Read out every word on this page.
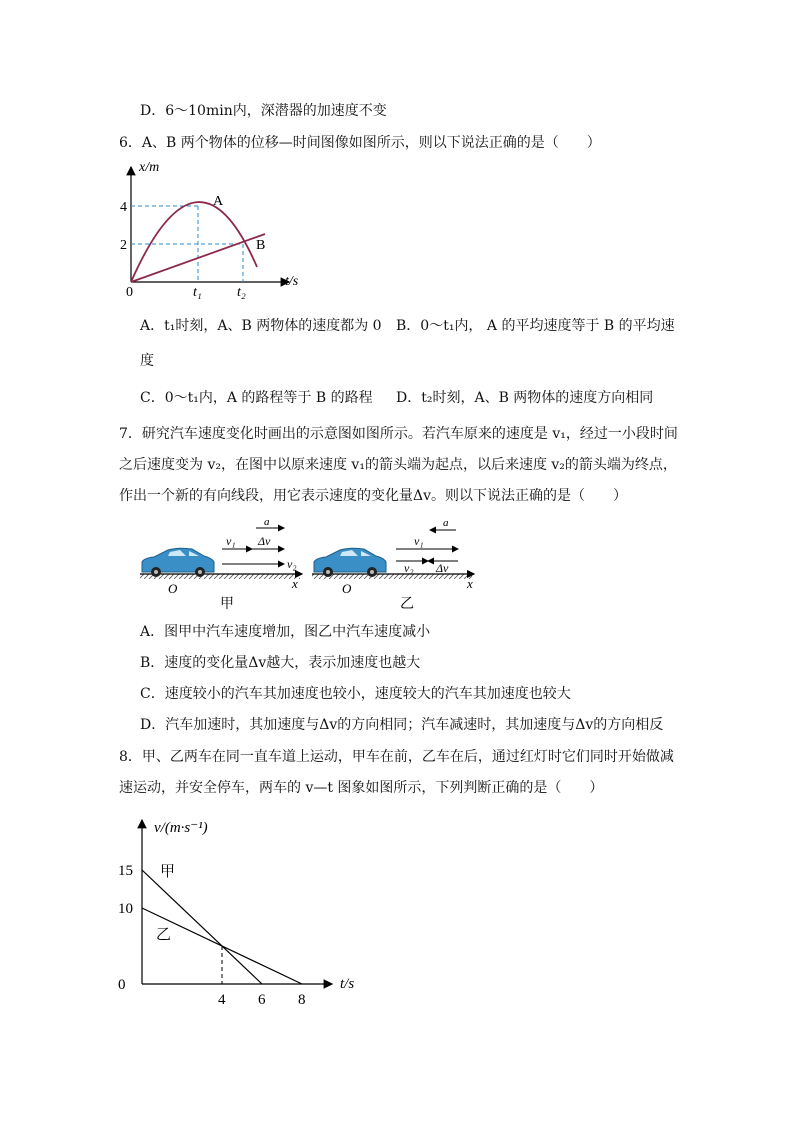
D．6～10min内，深潜器的加速度不变
6．A、B 两个物体的位移—时间图像如图所示，则以下说法正确的是（　　）
x/m
t/s
0
4
2
t₁	t₂
A
B
A．t₁时刻，A、B 两物体的速度都为 0 B．0～t₁内， A 的平均速度等于 B 的平均速
度
C．0～t₁内，A 的路程等于 B 的路程 D．t₂时刻，A、B 两物体的速度方向相同
7．研究汽车速度变化时画出的示意图如图所示。若汽车原来的速度是 v₁，经过一小段时间
之后速度变为 v₂，在图中以原来速度 v₁的箭头端为起点，以后来速度 v₂的箭头端为终点，
作出一个新的有向线段，用它表示速度的变化量Δv。则以下说法正确的是（　　）
v₁
a
Δv
v₂
O	x
甲
a
v₁
v₂ Δv
O	x
乙
A．图甲中汽车速度增加，图乙中汽车速度减小
B．速度的变化量Δv越大，表示加速度也越大
C．速度较小的汽车其加速度也较小，速度较大的汽车其加速度也较大
D．汽车加速时，其加速度与Δv的方向相同；汽车减速时，其加速度与Δv的方向相反
8．甲、乙两车在同一直车道上运动，甲车在前，乙车在后，通过红灯时它们同时开始做减
速运动，并安全停车，两车的 v—t 图象如图所示，下列判断正确的是（　　）
v/(m·s⁻¹)
t/s
甲
乙
15
10
0
4 6 8
